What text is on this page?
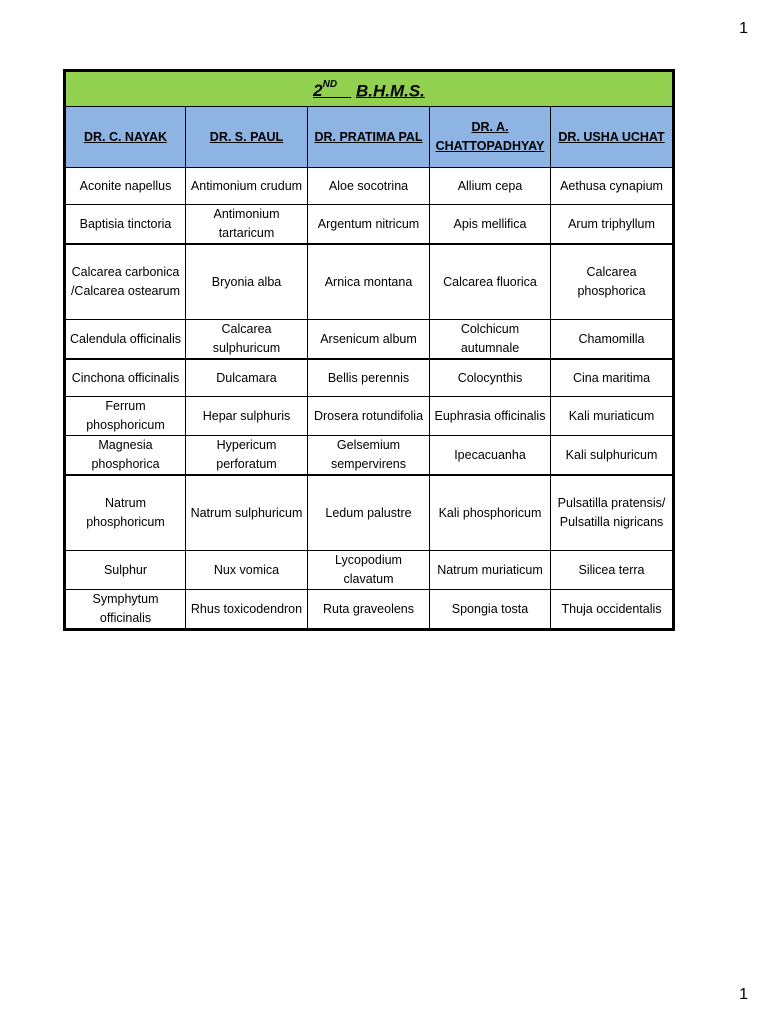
1
2ND B.H.M.S.				
DR. C. NAYAK	DR. S. PAUL	DR. PRATIMA PAL	DR. A. CHATTOPADHYAY	DR. USHA UCHAT
Aconite napellus	Antimonium crudum	Aloe socotrina	Allium cepa	Aethusa cynapium
Baptisia tinctoria	Antimonium tartaricum	Argentum nitricum	Apis mellifica	Arum triphyllum
Calcarea carbonica /Calcarea ostearum	Bryonia alba	Arnica montana	Calcarea fluorica	Calcarea phosphorica
Calendula officinalis	Calcarea sulphuricum	Arsenicum album	Colchicum autumnale	Chamomilla
Cinchona officinalis	Dulcamara	Bellis perennis	Colocynthis	Cina maritima
Ferrum phosphoricum	Hepar sulphuris	Drosera rotundifolia	Euphrasia officinalis	Kali muriaticum
Magnesia phosphorica	Hypericum perforatum	Gelsemium sempervirens	Ipecacuanha	Kali sulphuricum
Natrum phosphoricum	Natrum sulphuricum	Ledum palustre	Kali phosphoricum	Pulsatilla pratensis/ Pulsatilla nigricans
Sulphur	Nux vomica	Lycopodium clavatum	Natrum muriaticum	Silicea terra
Symphytum officinalis	Rhus toxicodendron	Ruta graveolens	Spongia tosta	Thuja occidentalis
1
